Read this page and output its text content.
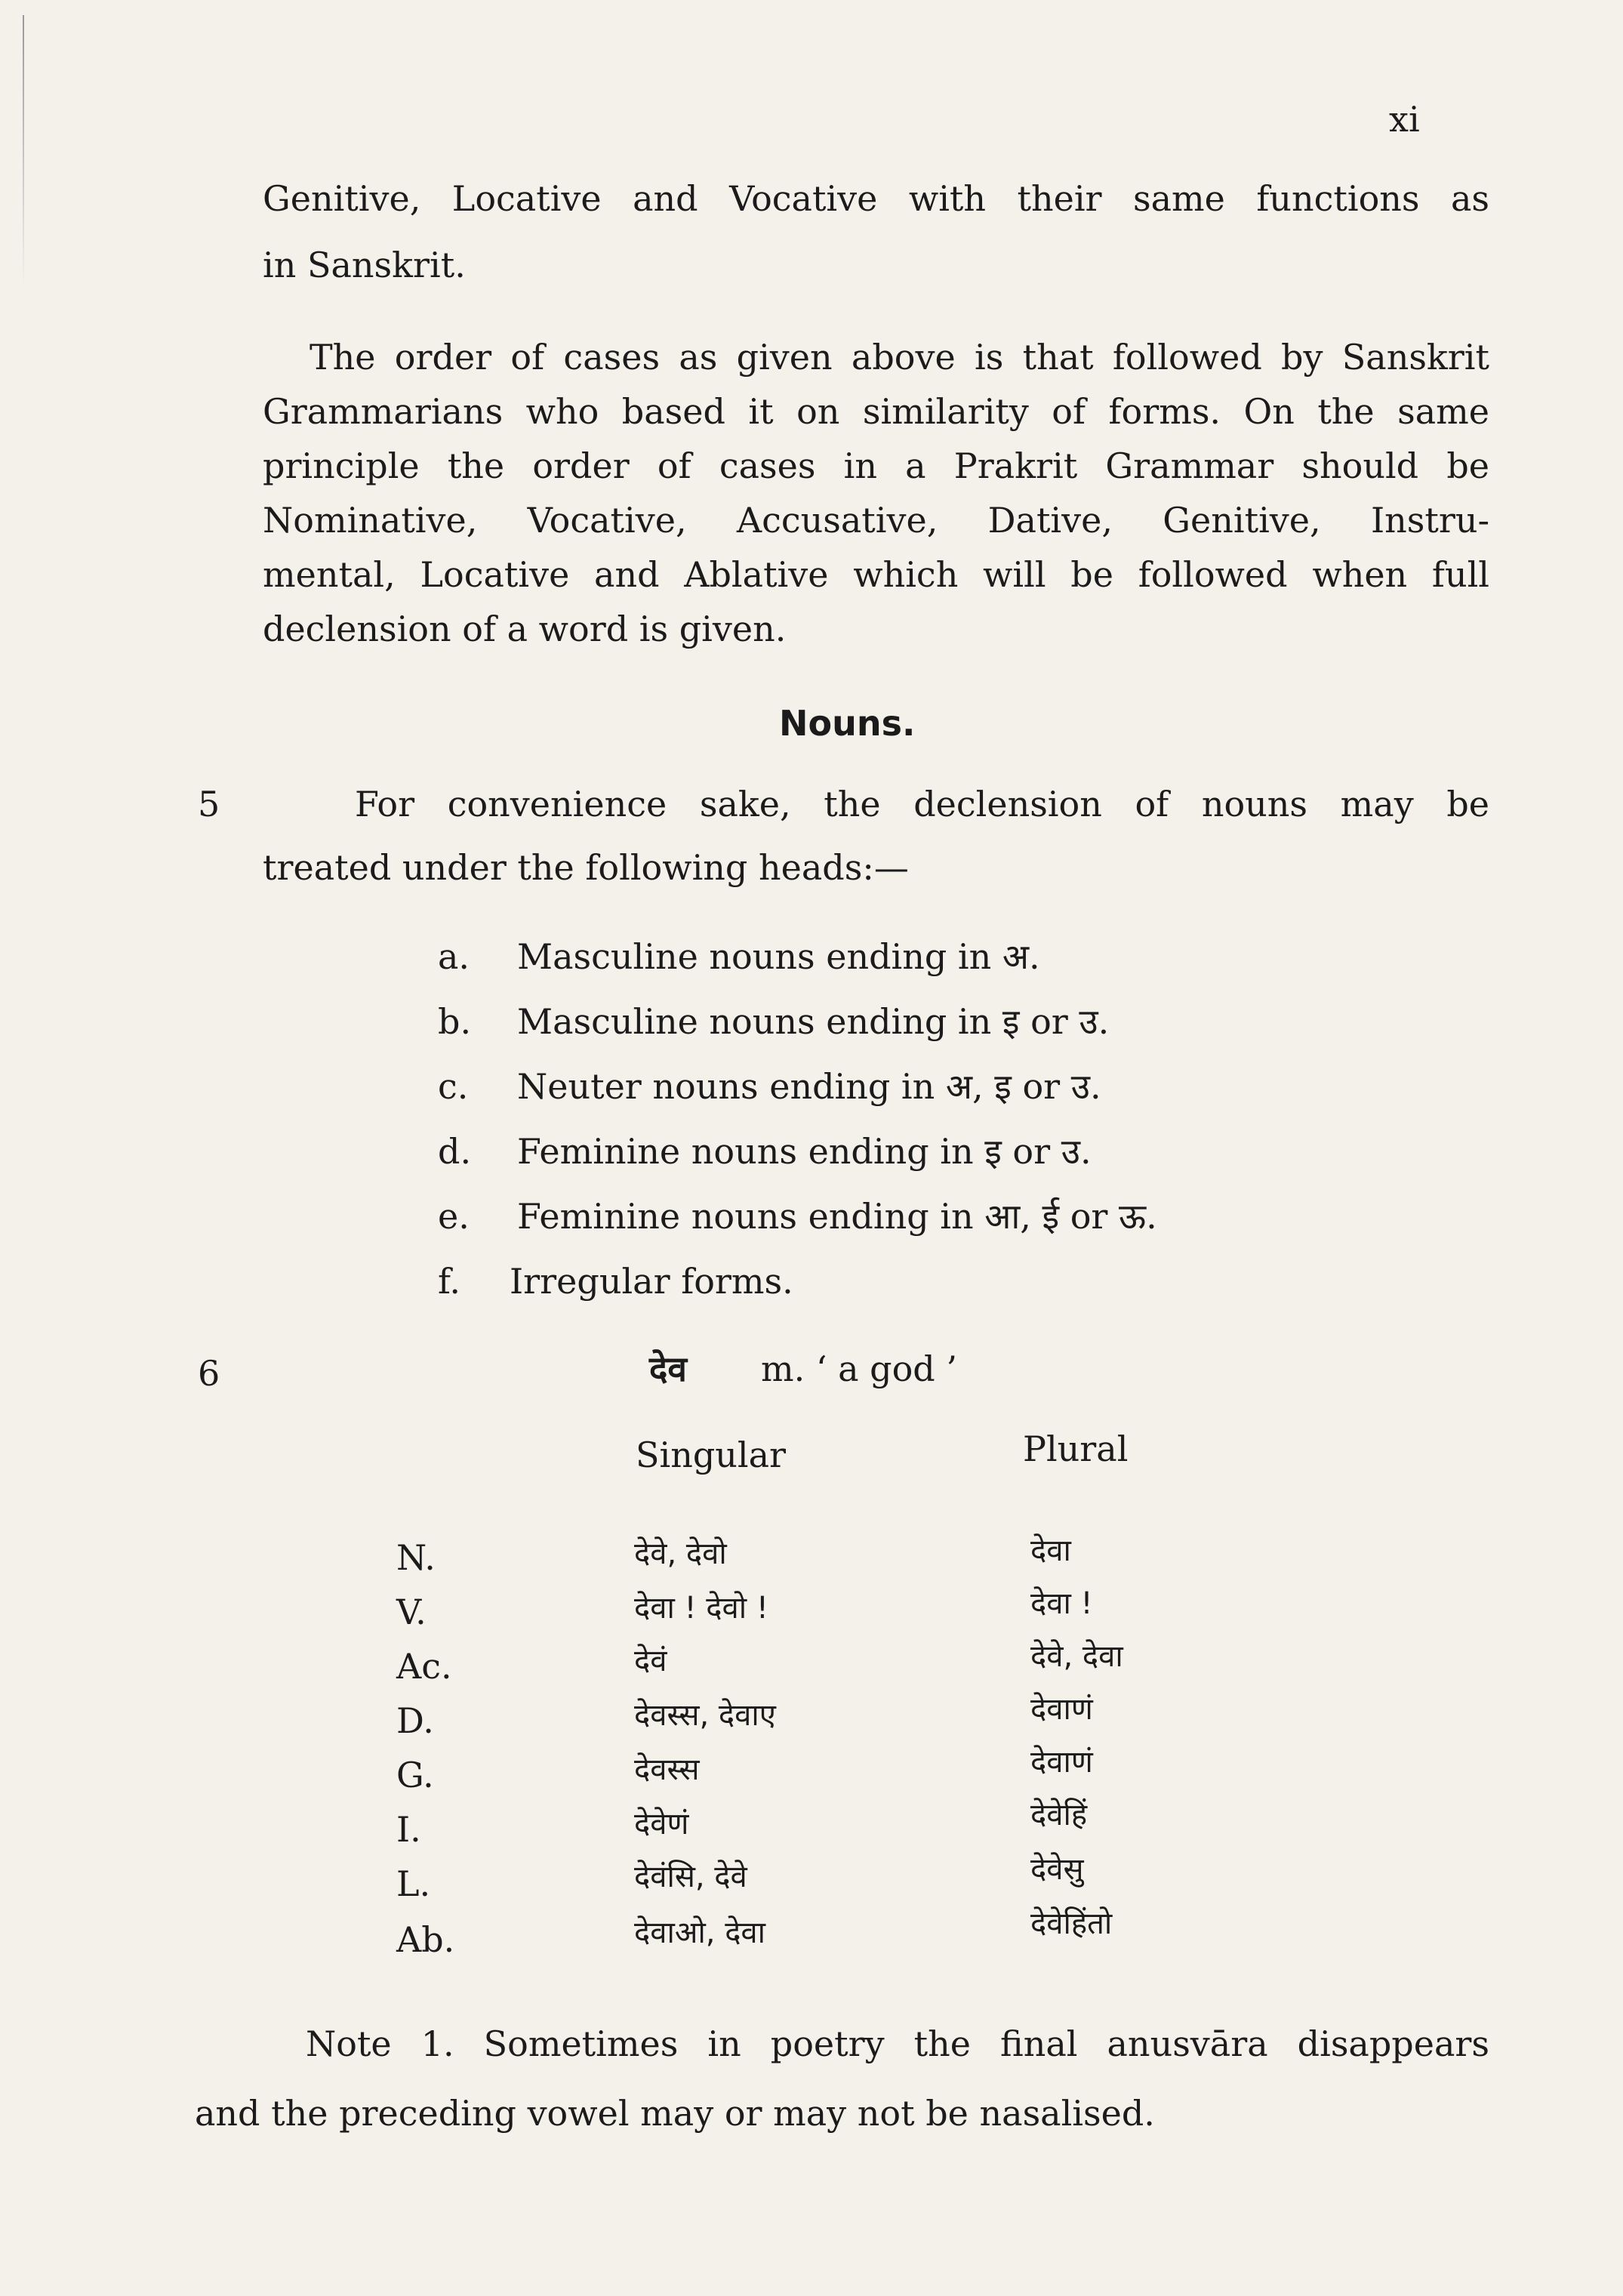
xi
Genitive, Locative and Vocative with their same functions as
in Sanskrit.
The order of cases as given above is that followed by Sanskrit
Grammarians who based it on similarity of forms. On the same
principle the order of cases in a Prakrit Grammar should be
Nominative, Vocative, Accusative, Dative, Genitive, Instru-
mental, Locative and Ablative which will be followed when full
declension of a word is given.
Nouns.
5	For convenience sake, the declension of nouns may be
treated under the following heads:—
a. Masculine nouns ending in अ.
b. Masculine nouns ending in इ or उ.
c. Neuter nouns ending in अ, इ or उ.
d. Feminine nouns ending in इ or उ.
e. Feminine nouns ending in आ, ई or ऊ.
f. Irregular forms.
6	देव m. ‘ a god ’
Singular	Plural
N.	देवे, देवो	देवा
V.	देवा ! देवो !	देवा !
Ac.	देवं	देवे, देवा
D.	देवस्स, देवाए	देवाणं
G.	देवस्स	देवाणं
I.	देवेणं	देवेहिं
L.	देवंसि, देवे	देवेसु
Ab.	देवाओ, देवा	देवेहिंतो
Note 1. Sometimes in poetry the final anusvāra disappears
and the preceding vowel may or may not be nasalised.
